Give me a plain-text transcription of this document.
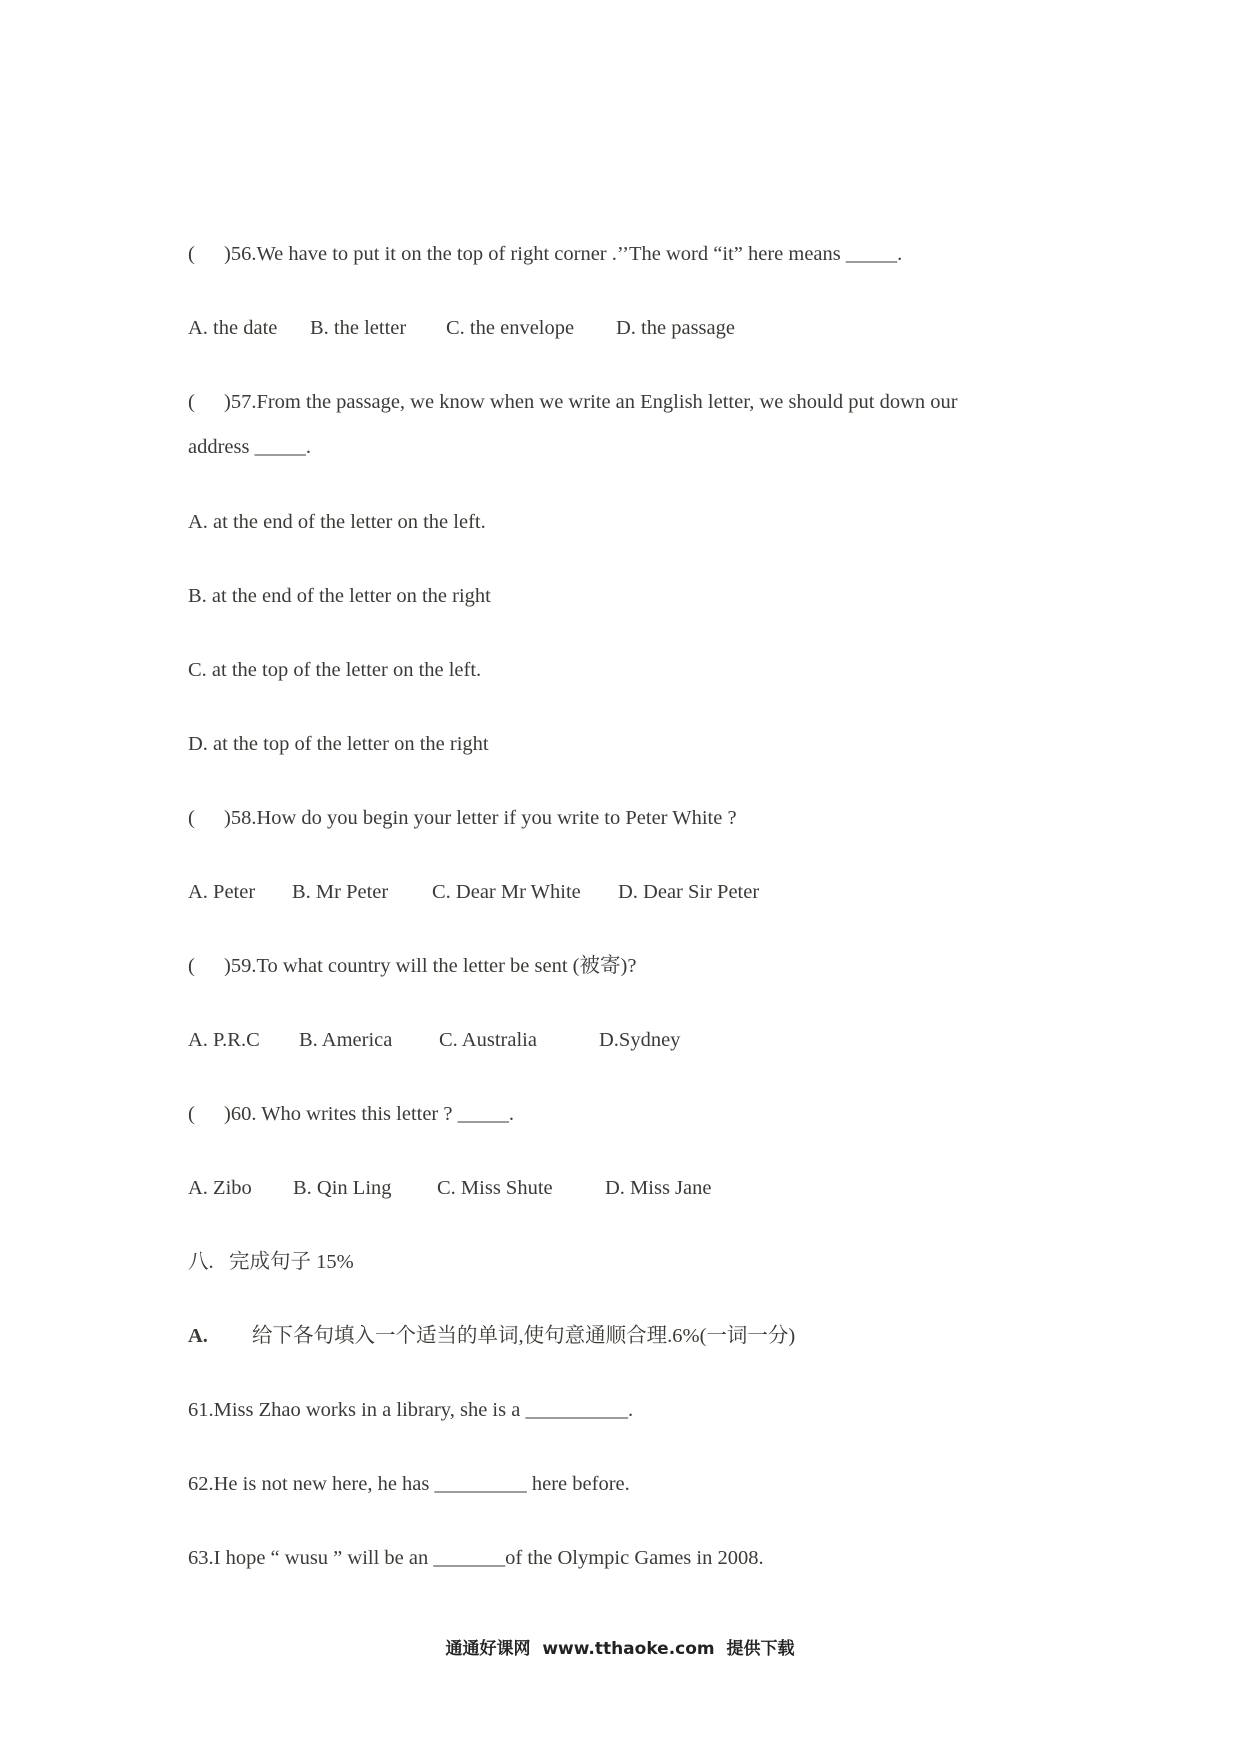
( )56.We have to put it on the top of right corner .’’The word “it” here means _____.
A. the date B. the letter C. the envelope D. the passage
( )57.From the passage, we know when we write an English letter, we should put down our
address _____.
A. at the end of the letter on the left.
B. at the end of the letter on the right
C. at the top of the letter on the left.
D. at the top of the letter on the right
( )58.How do you begin your letter if you write to Peter White ?
A. Peter B. Mr Peter C. Dear Mr White D. Dear Sir Peter
( )59.To what country will the letter be sent (被寄)?
A. P.R.C B. America C. Australia	D.Sydney
( )60. Who writes this letter ? _____.
A. Zibo B. Qin Ling C. Miss Shute	D. Miss Jane
八.   完成句子 15%
A. 给下各句填入一个适当的单词,使句意通顺合理.6%(一词一分)
61.Miss Zhao works in a library, she is a __________.
62.He is not new here, he has _________ here before.
63.I hope “ wusu ” will be an _______of the Olympic Games in 2008.
通通好课网  www.tthaoke.com  提供下载
